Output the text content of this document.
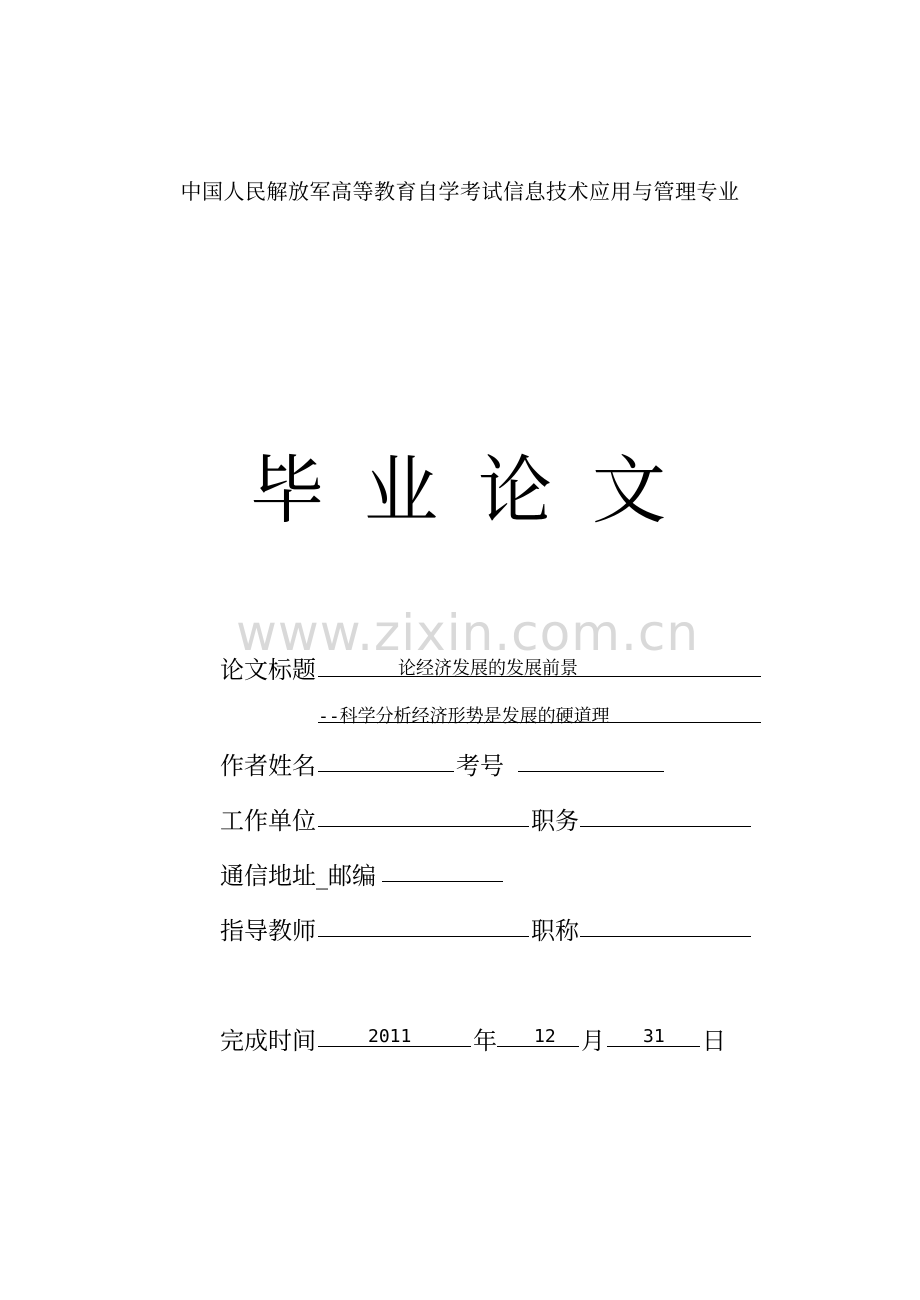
中国人民解放军高等教育自学考试信息技术应用与管理专业
毕 业 论 文
www.zixin.com.cn
论文标题	论经济发展的发展前景
--科学分析经济形势是发展的硬道理
作者姓名	考号
工作单位	职务
通信地址_邮编
指导教师	职称
完成时间	2011	年 12 月 31 日
